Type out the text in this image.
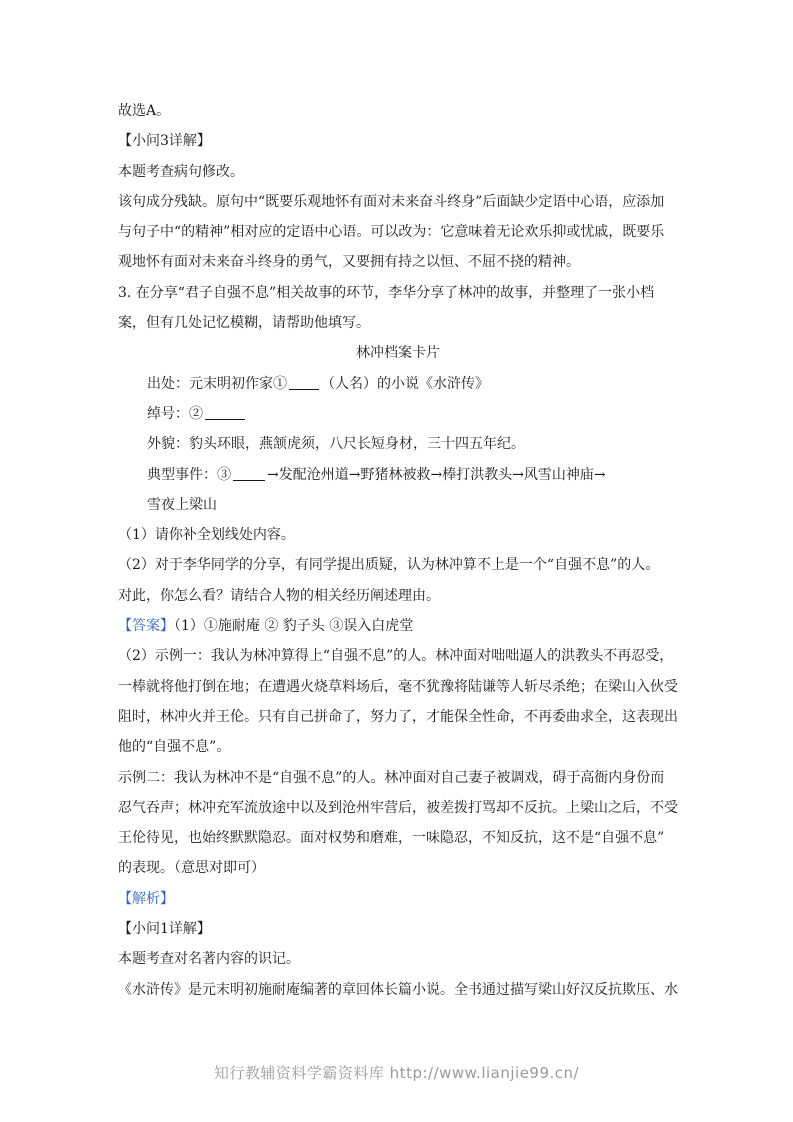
故选A。
【小问3详解】
本题考查病句修改。
该句成分残缺。原句中“既要乐观地怀有面对未来奋斗终身”后面缺少定语中心语，应添加
与句子中“的精神”相对应的定语中心语。可以改为：它意味着无论欢乐抑或忧戚，既要乐
观地怀有面对未来奋斗终身的勇气，又要拥有持之以恒、不屈不挠的精神。
3. 在分享“君子自强不息”相关故事的环节，李华分享了林冲的故事，并整理了一张小档
案，但有几处记忆模糊，请帮助他填写。
林冲档案卡片
出处：元末明初作家① （人名）的小说《水浒传》
绰号：②
外貌：豹头环眼，燕颔虎须，八尺长短身材，三十四五年纪。
典型事件：③	→发配沧州道→野猪林被救→棒打洪教头→风雪山神庙→
雪夜上梁山
（1）请你补全划线处内容。
（2）对于李华同学的分享，有同学提出质疑，认为林冲算不上是一个“自强不息”的人。
对此，你怎么看？请结合人物的相关经历阐述理由。
【答案】（1）①施耐庵 ② 豹子头 ③误入白虎堂
（2）示例一：我认为林冲算得上“自强不息”的人。林冲面对咄咄逼人的洪教头不再忍受，
一棒就将他打倒在地；在遭遇火烧草料场后，毫不犹豫将陆谦等人斩尽杀绝；在梁山入伙受
阻时，林冲火并王伦。只有自己拼命了，努力了，才能保全性命，不再委曲求全，这表现出
他的“自强不息”。
示例二：我认为林冲不是“自强不息”的人。林冲面对自己妻子被调戏，碍于高衙内身份而
忍气吞声；林冲充军流放途中以及到沧州牢营后，被差拨打骂却不反抗。上梁山之后，不受
王伦待见，也始终默默隐忍。面对权势和磨难，一味隐忍，不知反抗，这不是“自强不息”
的表现。（意思对即可）
【解析】
【小问1详解】
本题考查对名著内容的识记。
《水浒传》是元末明初施耐庵编著的章回体长篇小说。全书通过描写梁山好汉反抗欺压、水
知行教辅资料学霸资料库 http://www.lianjie99.cn/
